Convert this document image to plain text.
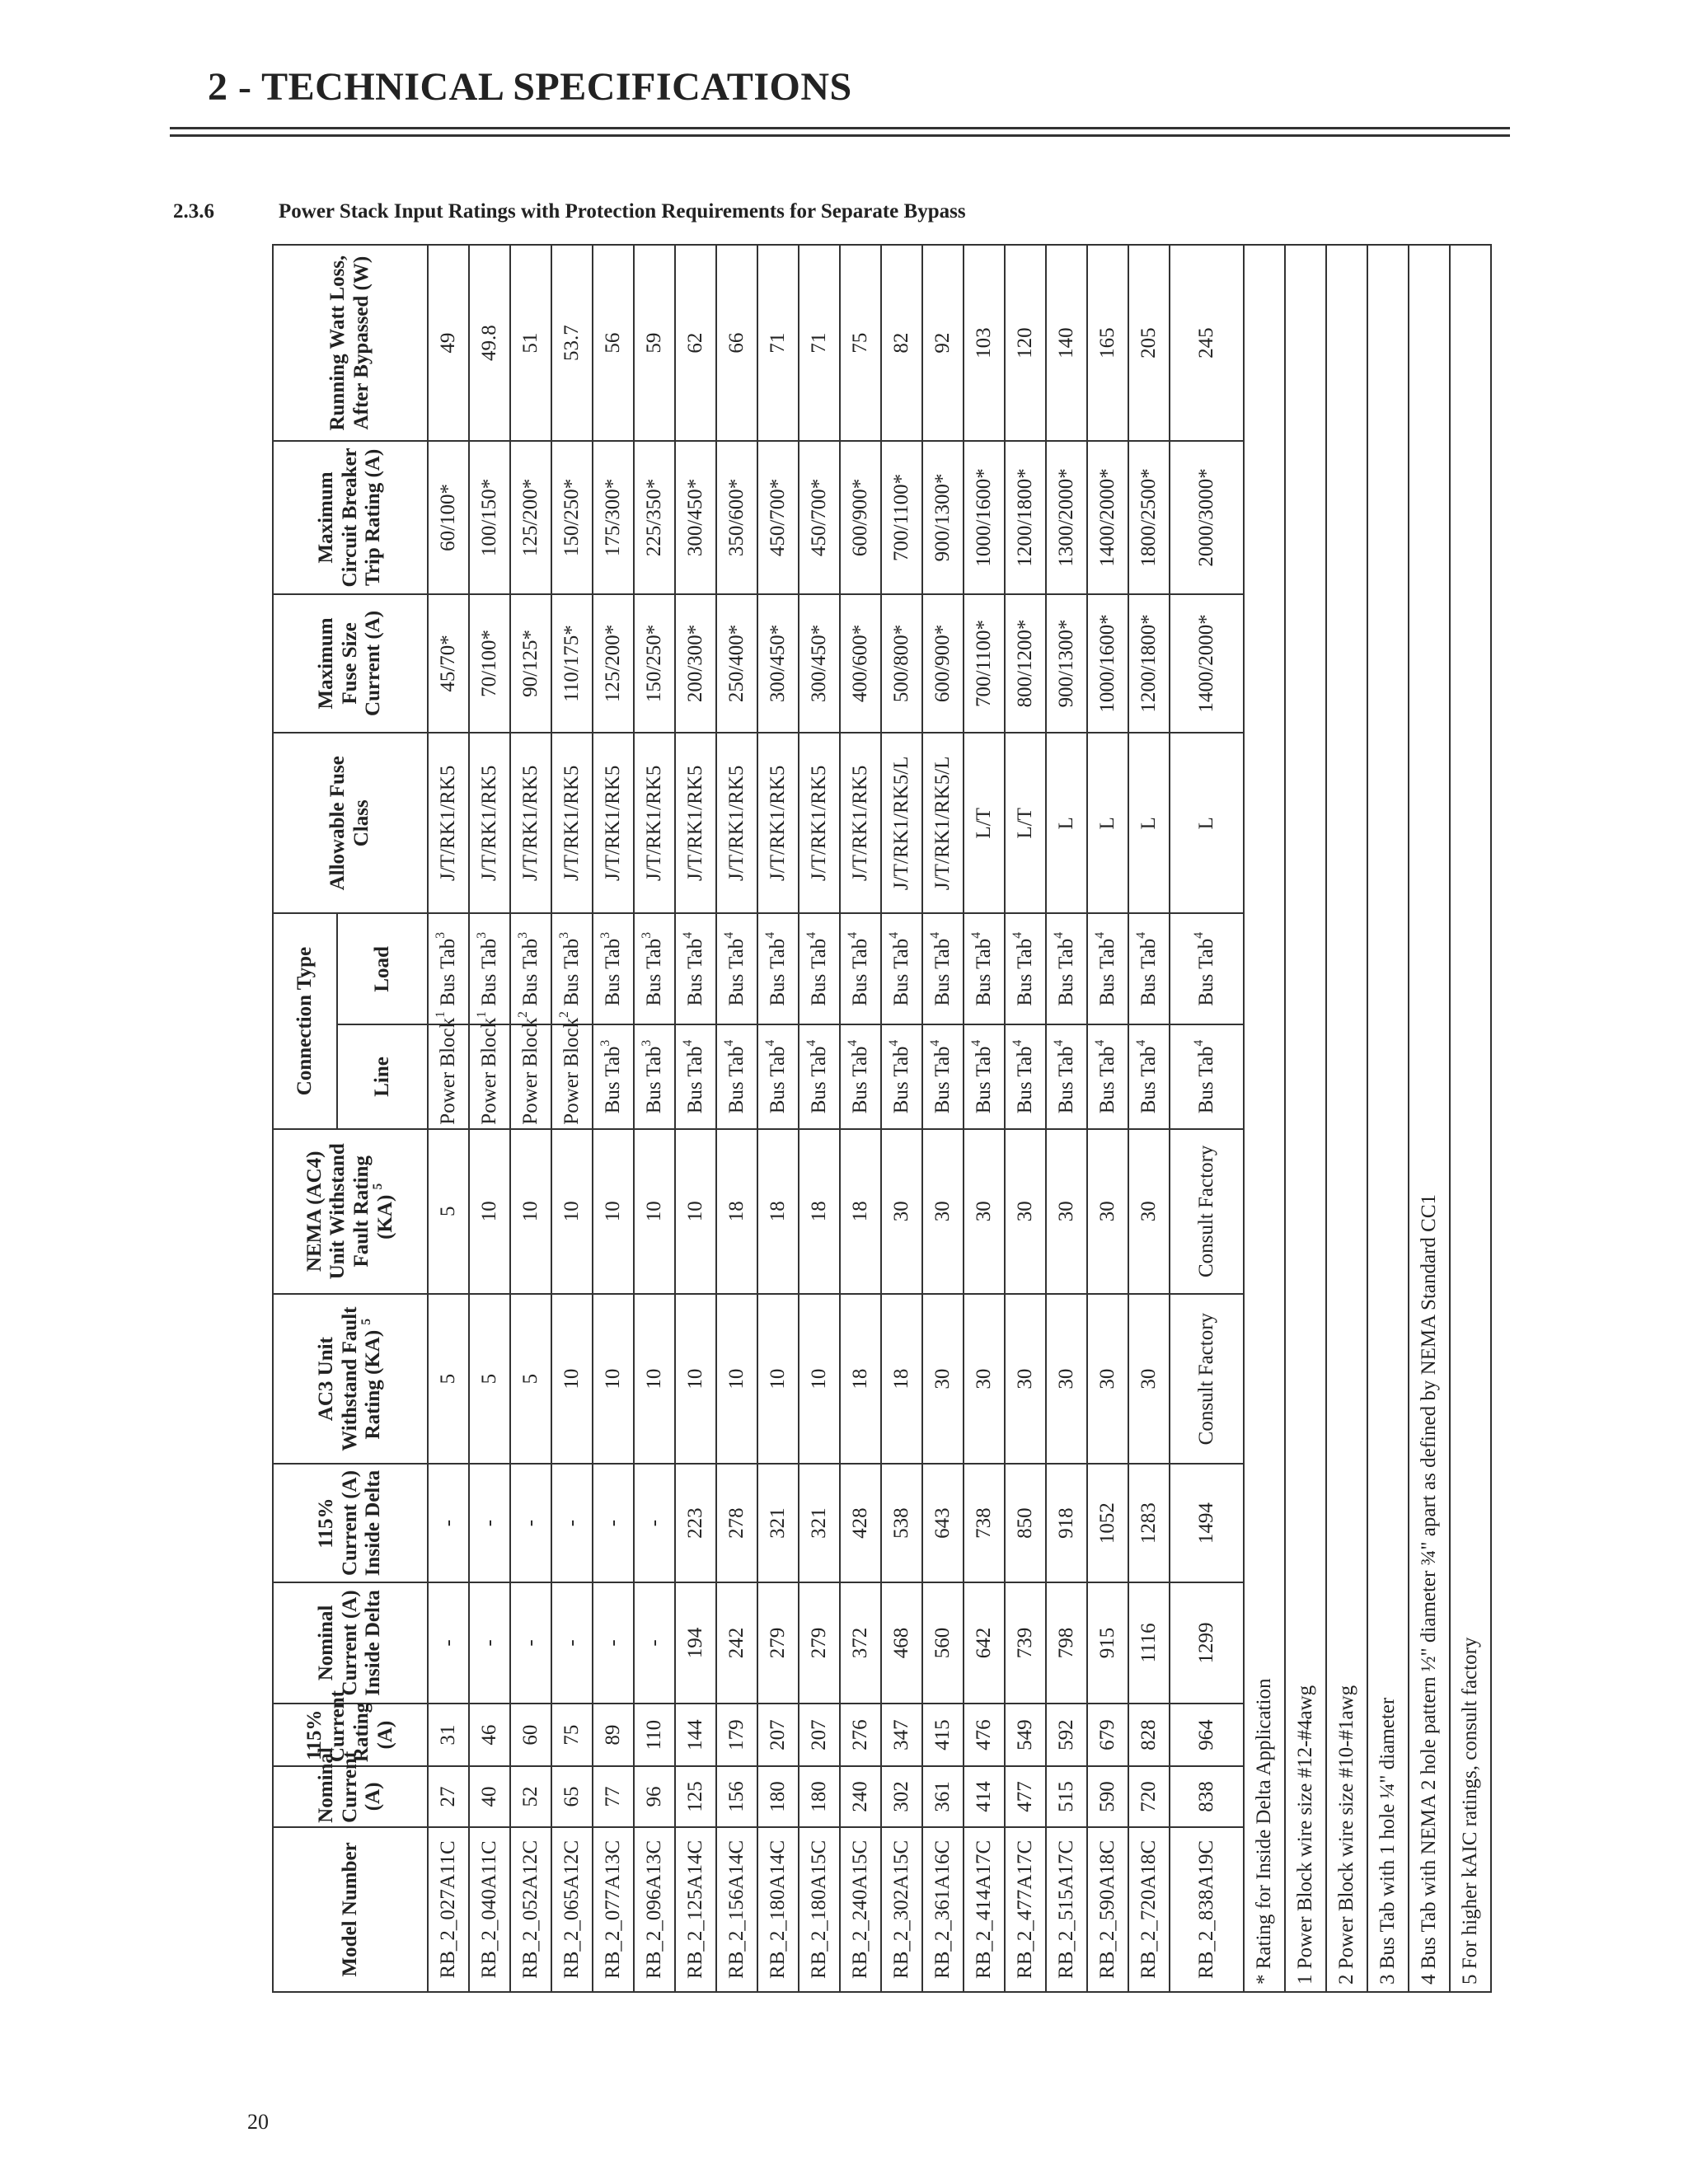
2 - TECHNICAL SPECIFICATIONS
2.3.6	Power Stack Input Ratings with Protection Requirements for Separate Bypass
Model Number	Nominal Current (A)	115% Current Rating (A)	Nominal Current (A) Inside Delta	115% Current (A) Inside Delta	AC3 Unit Withstand Fault Rating (KA) $^5$	NEMA (AC4) Unit Withstand Fault Rating (KA) $^5$	Connection Type		Allowable Fuse Class	Maximum Fuse Size Current (A)	Maximum Circuit Breaker Trip Rating (A)	Running Watt Loss, After Bypassed (W)
							Line	Load				
RB_2_027A11C	27	31	-	-	5	5	Power Block$^1$	Bus Tab$^3$	J/T/RK1/RK5	45/70*	60/100*	49
RB_2_040A11C	40	46	-	-	5	10	Power Block$^1$	Bus Tab$^3$	J/T/RK1/RK5	70/100*	100/150*	49.8
RB_2_052A12C	52	60	-	-	5	10	Power Block$^2$	Bus Tab$^3$	J/T/RK1/RK5	90/125*	125/200*	51
RB_2_065A12C	65	75	-	-	10	10	Power Block$^2$	Bus Tab$^3$	J/T/RK1/RK5	110/175*	150/250*	53.7
RB_2_077A13C	77	89	-	-	10	10	Bus Tab$^3$	Bus Tab$^3$	J/T/RK1/RK5	125/200*	175/300*	56
RB_2_096A13C	96	110	-	-	10	10	Bus Tab$^3$	Bus Tab$^3$	J/T/RK1/RK5	150/250*	225/350*	59
RB_2_125A14C	125	144	194	223	10	10	Bus Tab$^4$	Bus Tab$^4$	J/T/RK1/RK5	200/300*	300/450*	62
RB_2_156A14C	156	179	242	278	10	18	Bus Tab$^4$	Bus Tab$^4$	J/T/RK1/RK5	250/400*	350/600*	66
RB_2_180A14C	180	207	279	321	10	18	Bus Tab$^4$	Bus Tab$^4$	J/T/RK1/RK5	300/450*	450/700*	71
RB_2_180A15C	180	207	279	321	10	18	Bus Tab$^4$	Bus Tab$^4$	J/T/RK1/RK5	300/450*	450/700*	71
RB_2_240A15C	240	276	372	428	18	18	Bus Tab$^4$	Bus Tab$^4$	J/T/RK1/RK5	400/600*	600/900*	75
RB_2_302A15C	302	347	468	538	18	30	Bus Tab$^4$	Bus Tab$^4$	J/T/RK1/RK5/L	500/800*	700/1100*	82
RB_2_361A16C	361	415	560	643	30	30	Bus Tab$^4$	Bus Tab$^4$	J/T/RK1/RK5/L	600/900*	900/1300*	92
RB_2_414A17C	414	476	642	738	30	30	Bus Tab$^4$	Bus Tab$^4$	L/T	700/1100*	1000/1600*	103
RB_2_477A17C	477	549	739	850	30	30	Bus Tab$^4$	Bus Tab$^4$	L/T	800/1200*	1200/1800*	120
RB_2_515A17C	515	592	798	918	30	30	Bus Tab$^4$	Bus Tab$^4$	L	900/1300*	1300/2000*	140
RB_2_590A18C	590	679	915	1052	30	30	Bus Tab$^4$	Bus Tab$^4$	L	1000/1600*	1400/2000*	165
RB_2_720A18C	720	828	1116	1283	30	30	Bus Tab$^4$	Bus Tab$^4$	L	1200/1800*	1800/2500*	205
RB_2_838A19C	838	964	1299	1494	Consult Factory	Consult Factory	Bus Tab$^4$	Bus Tab$^4$	L	1400/2000*	2000/3000*	245
* Rating for Inside Delta Application												
1 Power Block wire size #12-#4awg												
2 Power Block wire size #10-#1awg												
3 Bus Tab with 1 hole ¼" diameter												
4 Bus Tab with NEMA 2 hole pattern ½" diameter ¾" apart as defined by NEMA Standard CC1												
5 For higher kAIC ratings, consult factory												
20
